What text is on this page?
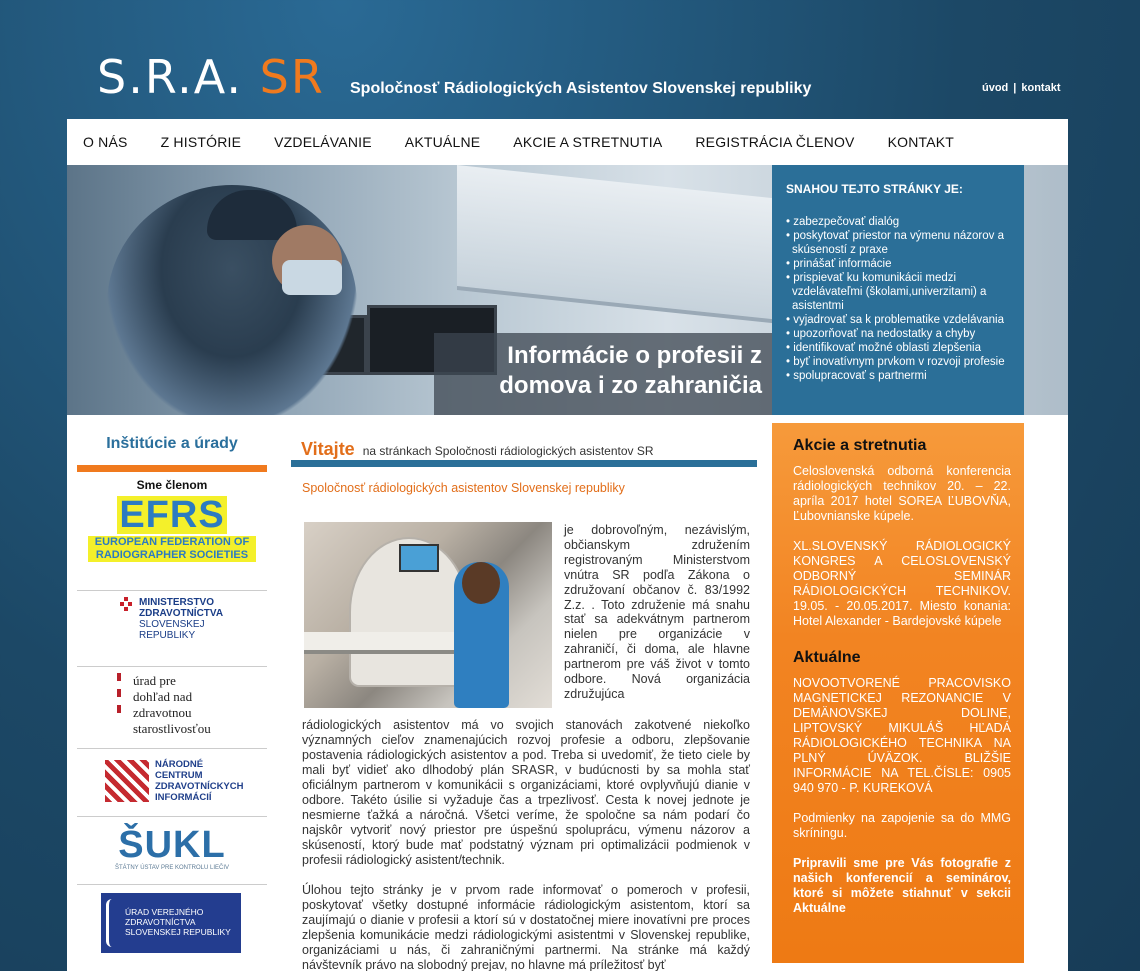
S.R.A. SR Spoločnosť Rádiologických Asistentov Slovenskej republiky	úvod | kontakt
O NÁS Z HISTÓRIE VZDELÁVANIE AKTUÁLNE AKCIE A STRETNUTIA REGISTRÁCIA ČLENOV KONTAKT
Informácie o profesii z
domova i zo zahraničia
SNAHOU TEJTO STRÁNKY JE:
• zabezpečovať dialóg
• poskytovať priestor na výmenu názorov a skúseností z praxe
• prinášať informácie
• prispievať ku komunikácii medzi vzdelávateľmi (školami,univerzitami) a asistentmi
• vyjadrovať sa k problematike vzdelávania
• upozorňovať na nedostatky a chyby
• identifikovať možné oblasti zlepšenia
• byť inovatívnym prvkom v rozvoji profesie
• spolupracovať s partnermi
Inštitúcie a úrady
Sme členom
EFRS
EUROPEAN FEDERATION OF
RADIOGRAPHER SOCIETIES
MINISTERSTVO
ZDRAVOTNÍCTVA
SLOVENSKEJ
REPUBLIKY
úrad pre
dohľad nad
zdravotnou
starostlivosťou
NÁRODNÉ
CENTRUM
ZDRAVOTNÍCKYCH
INFORMÁCIÍ
ŠUKL
ŠTÁTNY ÚSTAV PRE KONTROLU LIEČIV
ÚRAD VEREJNÉHO
ZDRAVOTNÍCTVA
SLOVENSKEJ REPUBLIKY
Vitajte na stránkach Spoločnosti rádiologických asistentov SR
Spoločnosť rádiologických asistentov Slovenskej republiky
je dobrovoľným, nezávislým, občianskym združením registrovaným Ministerstvom vnútra SR podľa Zákona o združovaní občanov č. 83/1992 Z.z. . Toto združenie má snahu stať sa adekvátnym partnerom nielen pre organizácie v zahraničí, či doma, ale hlavne partnerom pre váš život v tomto odbore. Nová organizácia združujúca

rádiologických asistentov má vo svojich stanovách zakotvené niekoľko významných cieľov znamenajúcich rozvoj profesie a odboru, zlepšovanie postavenia rádiologických asistentov a pod. Treba si uvedomiť, že tieto ciele by mali byť vidieť ako dlhodobý plán SRASR, v budúcnosti by sa mohla stať oficiálnym partnerom v komunikácii s organizáciami, ktoré ovplyvňujú dianie v odbore. Takéto úsilie si vyžaduje čas a trpezlivosť. Cesta k novej jednote je nesmierne ťažká a náročná. Všetci veríme, že spoločne sa nám podarí čo najskôr vytvoriť nový priestor pre úspešnú spoluprácu, výmenu názorov a skúseností, ktorý bude mať podstatný význam pri optimalizácii podmienok v profesii rádiologický asistent/technik.

Úlohou tejto stránky je v prvom rade informovať o pomeroch v profesii, poskytovať všetky dostupné informácie rádiologickým asistentom, ktorí sa zaujímajú o dianie v profesii a ktorí sú v dostatočnej miere inovatívni pre proces zlepšenia komunikácie medzi rádiologickými asistentmi v Slovenskej republike, organizáciami u nás, či zahraničnými partnermi. Na stránke má každý návštevník právo na slobodný prejav, no hlavne má príležitosť byť

Akcie a stretnutia

Celoslovenská odborná konferencia rádiologických technikov 20. – 22. apríla 2017 hotel SOREA ĽUBOVŇA, Ľubovnianske kúpele.

XL.SLOVENSKÝ RÁDIOLOGICKÝ KONGRES A CELOSLOVENSKÝ ODBORNÝ SEMINÁR RÁDIOLOGICKÝCH TECHNIKOV. 19.05. - 20.05.2017. Miesto konania: Hotel Alexander - Bardejovské kúpele

Aktuálne

NOVOOTVORENÉ PRACOVISKO MAGNETICKEJ REZONANCIE V DEMÄNOVSKEJ DOLINE, LIPTOVSKÝ MIKULÁŠ HĽADÁ RÁDIOLOGICKÉHO TECHNIKA NA PLNÝ ÚVÄZOK. BLIŽŠIE INFORMÁCIE NA TEL.ČÍSLE: 0905 940 970 - P. KUREKOVÁ

Podmienky na zapojenie sa do MMG skríningu.

Pripravili sme pre Vás fotografie z našich konferencií a seminárov, ktoré si môžete stiahnuť v sekcii Aktuálne
